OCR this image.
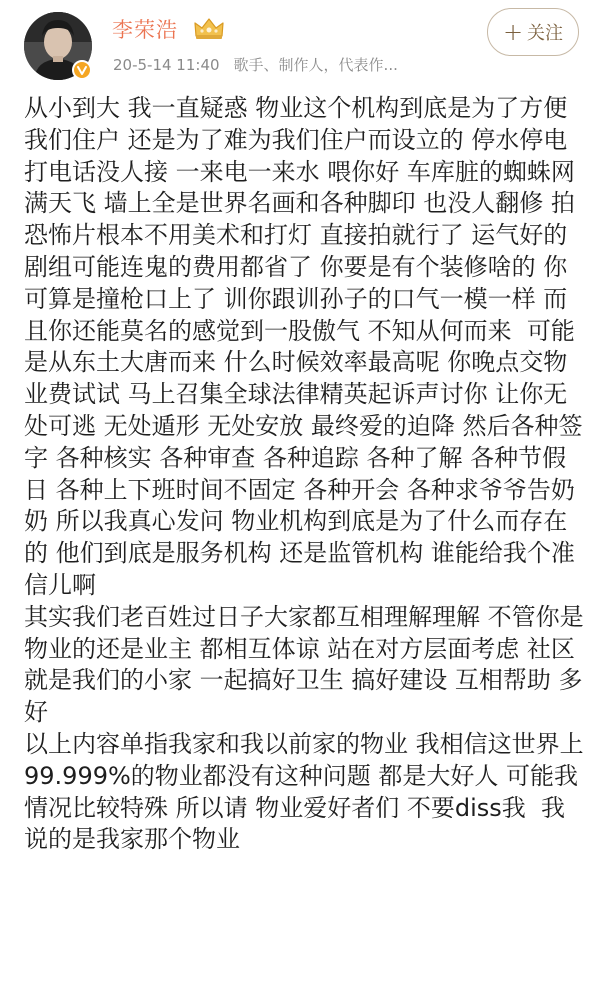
李荣浩
20-5-14 11:40 歌手、制作人，代表作...
+ 关注

从小到大 我一直疑惑 物业这个机构到底是为了方便我们住户 还是为了难为我们住户而设立的 停水停电打电话没人接 一来电一来水 喂你好 车库脏的蜘蛛网满天飞 墙上全是世界名画和各种脚印 也没人翻修 拍恐怖片根本不用美术和打灯 直接拍就行了 运气好的剧组可能连鬼的费用都省了 你要是有个装修啥的 你可算是撞枪口上了 训你跟训孙子的口气一模一样 而且你还能莫名的感觉到一股傲气 不知从何而来  可能是从东土大唐而来 什么时候效率最高呢 你晚点交物业费试试 马上召集全球法律精英起诉声讨你 让你无处可逃 无处遁形 无处安放 最终爱的迫降 然后各种签字 各种核实 各种审查 各种追踪 各种了解 各种节假日 各种上下班时间不固定 各种开会 各种求爷爷告奶奶 所以我真心发问 物业机构到底是为了什么而存在的 他们到底是服务机构 还是监管机构 谁能给我个准信儿啊

其实我们老百姓过日子大家都互相理解理解 不管你是物业的还是业主 都相互体谅 站在对方层面考虑 社区就是我们的小家 一起搞好卫生 搞好建设 互相帮助 多好

以上内容单指我家和我以前家的物业 我相信这世界上99.999%的物业都没有这种问题 都是大好人 可能我情况比较特殊 所以请 物业爱好者们 不要diss我  我说的是我家那个物业
